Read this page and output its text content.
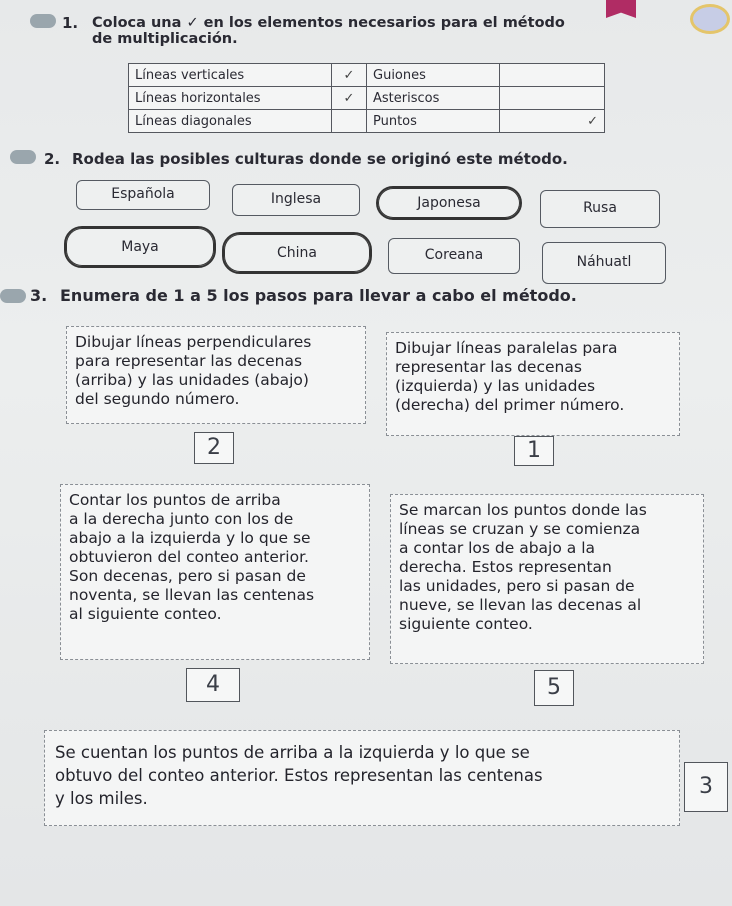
1. Coloca una ✓ en los elementos necesarios para el método
de multiplicación.
Líneas verticales	✓	Guiones	
Líneas horizontales	✓	Asteriscos	
Líneas diagonales		Puntos	✓
2. Rodea las posibles culturas donde se originó este método.
Española	Inglesa	Japonesa	Rusa
Maya	China	Coreana	Náhuatl
3. Enumera de 1 a 5 los pasos para llevar a cabo el método.
Dibujar líneas perpendiculares
para representar las decenas
(arriba) y las unidades (abajo)
del segundo número.
Dibujar líneas paralelas para
representar las decenas
(izquierda) y las unidades
(derecha) del primer número.
2	1
Contar los puntos de arriba
a la derecha junto con los de
abajo a la izquierda y lo que se
obtuvieron del conteo anterior.
Son decenas, pero si pasan de
noventa, se llevan las centenas
al siguiente conteo.
Se marcan los puntos donde las
líneas se cruzan y se comienza
a contar los de abajo a la
derecha. Estos representan
las unidades, pero si pasan de
nueve, se llevan las decenas al
siguiente conteo.
4	5
Se cuentan los puntos de arriba a la izquierda y lo que se
obtuvo del conteo anterior. Estos representan las centenas
y los miles.	3
